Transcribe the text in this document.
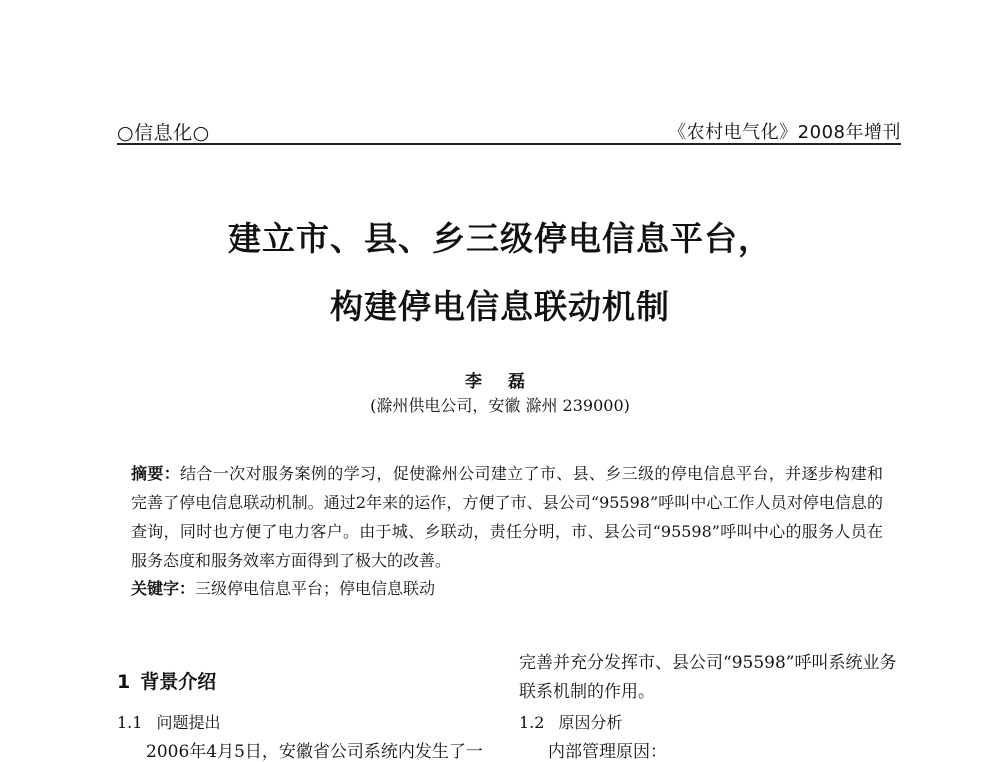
○信息化○	《农村电气化》2008年增刊
建立市、县、乡三级停电信息平台，
构建停电信息联动机制
李 磊
(滁州供电公司，安徽 滁州 239000)
摘要：结合一次对服务案例的学习，促使滁州公司建立了市、县、乡三级的停电信息平台，并逐步构建和完善了停电信息联动机制。通过2年来的运作，方便了市、县公司“95598”呼叫中心工作人员对停电信息的查询，同时也方便了电力客户。由于城、乡联动，责任分明，市、县公司“95598”呼叫中心的服务人员在服务态度和服务效率方面得到了极大的改善。
关键字：三级停电信息平台；停电信息联动
1 背景介绍
1.1 问题提出
2006年4月5日，安徽省公司系统内发生了一
完善并充分发挥市、县公司“95598”呼叫系统业务联系机制的作用。
1.2 原因分析
内部管理原因：
